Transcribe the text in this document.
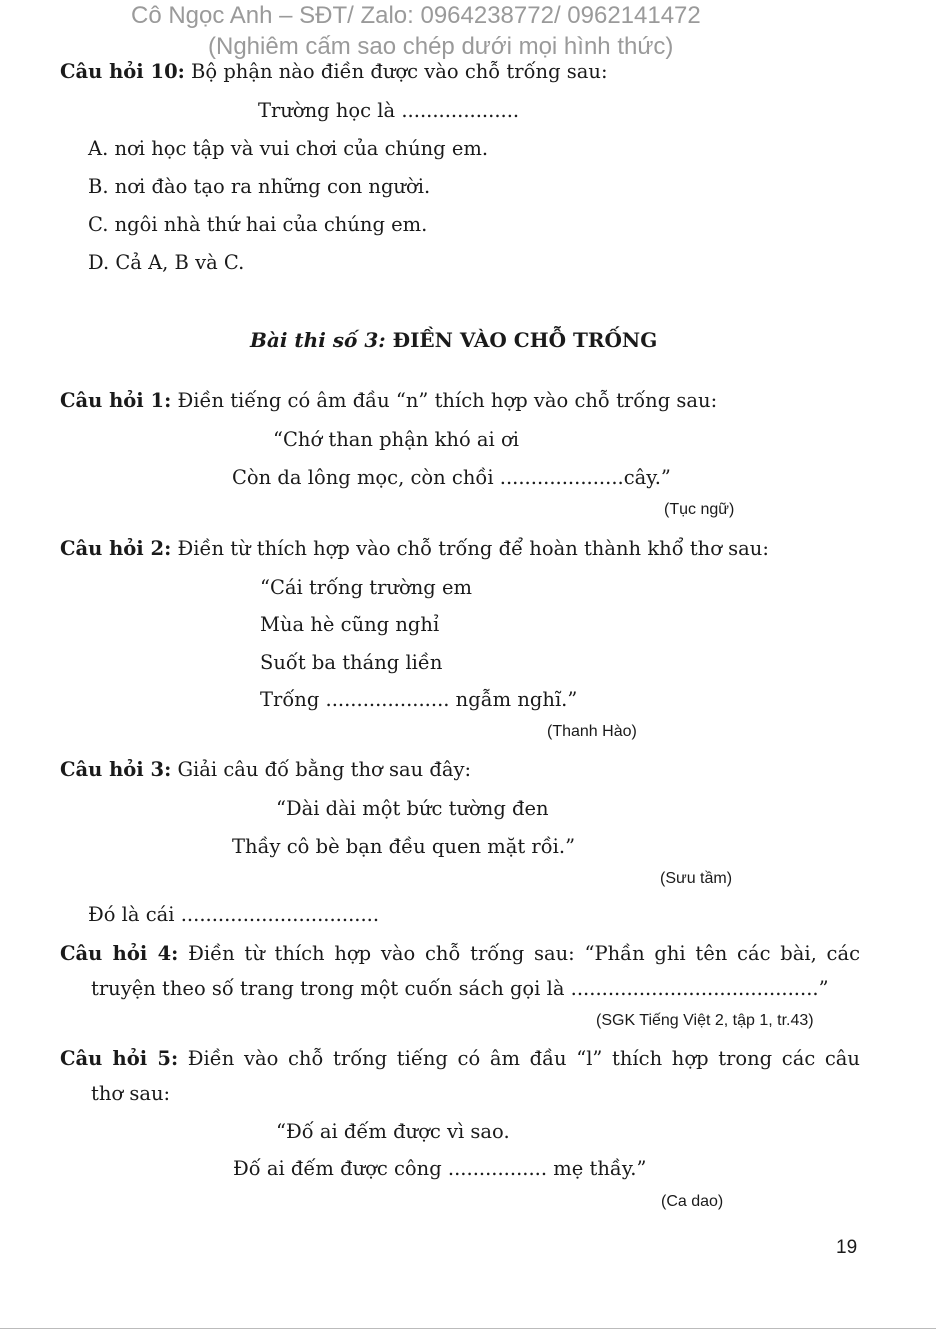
Cô Ngọc Anh – SĐT/ Zalo: 0964238772/ 0962141472
(Nghiêm cấm sao chép dưới mọi hình thức)
Câu hỏi 10: Bộ phận nào điền được vào chỗ trống sau:
Trường học là ...................
A. nơi học tập và vui chơi của chúng em.
B. nơi đào tạo ra những con người.
C. ngôi nhà thứ hai của chúng em.
D. Cả A, B và C.
Bài thi số 3: ĐIỀN VÀO CHỖ TRỐNG
Câu hỏi 1: Điền tiếng có âm đầu “n” thích hợp vào chỗ trống sau:
“Chớ than phận khó ai ơi
Còn da lông mọc, còn chồi ....................cây.”
(Tục ngữ)
Câu hỏi 2: Điền từ thích hợp vào chỗ trống để hoàn thành khổ thơ sau:
“Cái trống trường em
Mùa hè cũng nghỉ
Suốt ba tháng liền
Trống .................... ngẫm nghĩ.”
(Thanh Hào)
Câu hỏi 3: Giải câu đố bằng thơ sau đây:
“Dài dài một bức tường đen
Thầy cô bè bạn đều quen mặt rồi.”
(Sưu tầm)
Đó là cái ................................
Câu hỏi 4: Điền từ thích hợp vào chỗ trống sau: “Phần ghi tên các bài, các
truyện theo số trang trong một cuốn sách gọi là ........................................”
(SGK Tiếng Việt 2, tập 1, tr.43)
Câu hỏi 5: Điền vào chỗ trống tiếng có âm đầu “l” thích hợp trong các câu
thơ sau:
“Đố ai đếm được vì sao.
Đố ai đếm được công ................ mẹ thầy.”
(Ca dao)
19
